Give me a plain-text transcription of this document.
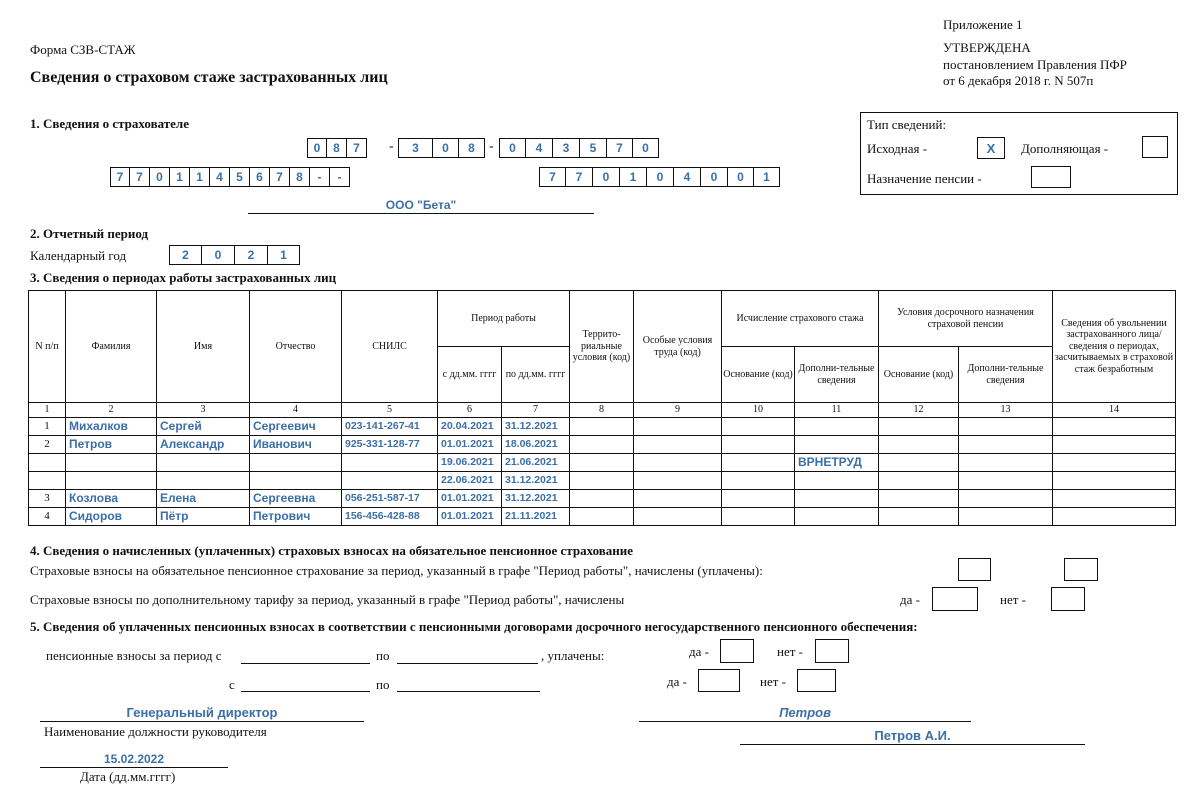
Приложение 1
Форма СЗВ-СТАЖ	УТВЕРЖДЕНА
постановлением Правления ПФР
от 6 декабря 2018 г. N 507п
Сведения о страховом стаже застрахованных лиц
1. Сведения о страхователе
0	8	7	-	3	0	8	-	0	4	3	5	7	0
7	7	0	1	1	4	5	6	7	8	-	-	7	7	0	1	0	4	0	0	1
ООО "Бета"
Тип сведений:
Исходная -	X Дополняющая -
Назначение пенсии -
2. Отчетный период
Календарный год	2	0	2	1
3. Сведения о периодах работы застрахованных лиц
N п/п	Фамилия	Имя	Отчество	СНИЛС	Период работы		Террито-риальные условия (код)	Особые условия труда (код)	Исчисление страхового стажа		Условия досрочного назначения страховой пенсии		Сведения об увольнении застрахованного лица/ сведения о периодах, засчитываемых в страховой стаж безработным
					с дд.мм. гггг	по дд.мм. гггг			Основание (код)	Дополни-тельные сведения	Основание (код)	Дополни-тельные сведения	
1	2	3	4	5	6	7	8	9	10	11	12	13	14
1	Михалков	Сергей	Сергеевич	023-141-267-41	20.04.2021	31.12.2021							
2	Петров	Александр	Иванович	925-331-128-77	01.01.2021	18.06.2021							
					19.06.2021	21.06.2021				ВРНЕТРУД			
					22.06.2021	31.12.2021							
3	Козлова	Елена	Сергеевна	056-251-587-17	01.01.2021	31.12.2021							
4	Сидоров	Пётр	Петрович	156-456-428-88	01.01.2021	21.11.2021							
4. Сведения о начисленных (уплаченных) страховых взносах на обязательное пенсионное страхование
Страховые взносы на обязательное пенсионное страхование за период, указанный в графе "Период работы", начислены (уплачены):
Страховые взносы по дополнительному тарифу за период, указанный в графе "Период работы", начислены	да -	нет -
5. Сведения об уплаченных пенсионных взносах в соответствии с пенсионными договорами досрочного негосударственного пенсионного обеспечения:
пенсионные взносы за период с	по	, уплачены:	да -	нет -
с	по	да -	нет -
Генеральный директор
Наименование должности руководителя
Петров
Петров А.И.
15.02.2022
Дата (дд.мм.гггг)
